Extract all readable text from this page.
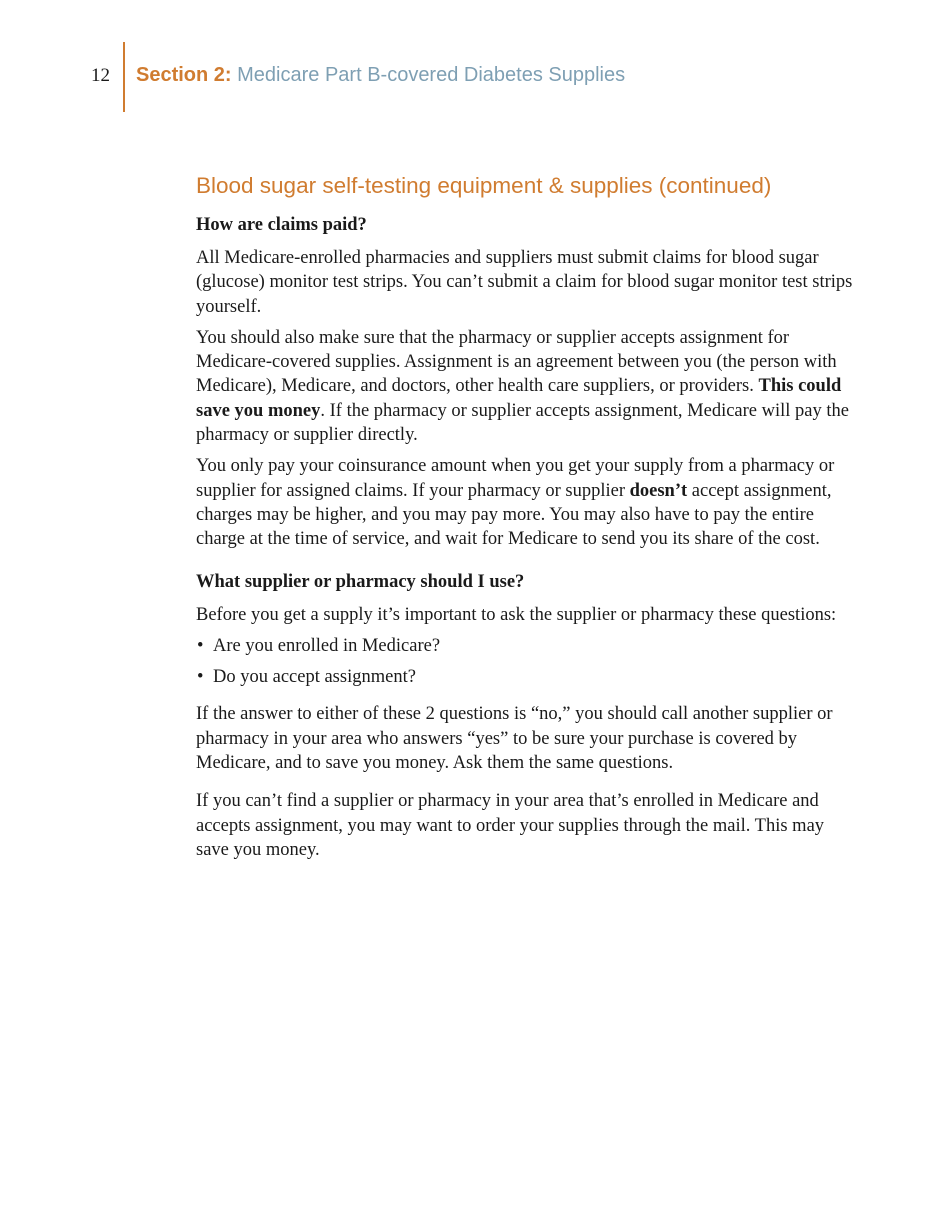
12 Section 2: Medicare Part B-covered Diabetes Supplies
Blood sugar self-testing equipment & supplies (continued)
How are claims paid?

All Medicare-enrolled pharmacies and suppliers must submit claims for blood sugar (glucose) monitor test strips. You can’t submit a claim for blood sugar monitor test strips yourself.

You should also make sure that the pharmacy or supplier accepts assignment for Medicare-covered supplies. Assignment is an agreement between you (the person with Medicare), Medicare, and doctors, other health care suppliers, or providers. This could save you money. If the pharmacy or supplier accepts assignment, Medicare will pay the pharmacy or supplier directly.

You only pay your coinsurance amount when you get your supply from a pharmacy or supplier for assigned claims. If your pharmacy or supplier doesn’t accept assignment, charges may be higher, and you may pay more. You may also have to pay the entire charge at the time of service, and wait for Medicare to send you its share of the cost.

What supplier or pharmacy should I use?

Before you get a supply it’s important to ask the supplier or pharmacy these questions:

• Are you enrolled in Medicare?
• Do you accept assignment?

If the answer to either of these 2 questions is “no,” you should call another supplier or pharmacy in your area who answers “yes” to be sure your purchase is covered by Medicare, and to save you money. Ask them the same questions.

If you can’t find a supplier or pharmacy in your area that’s enrolled in Medicare and accepts assignment, you may want to order your supplies through the mail. This may save you money.
